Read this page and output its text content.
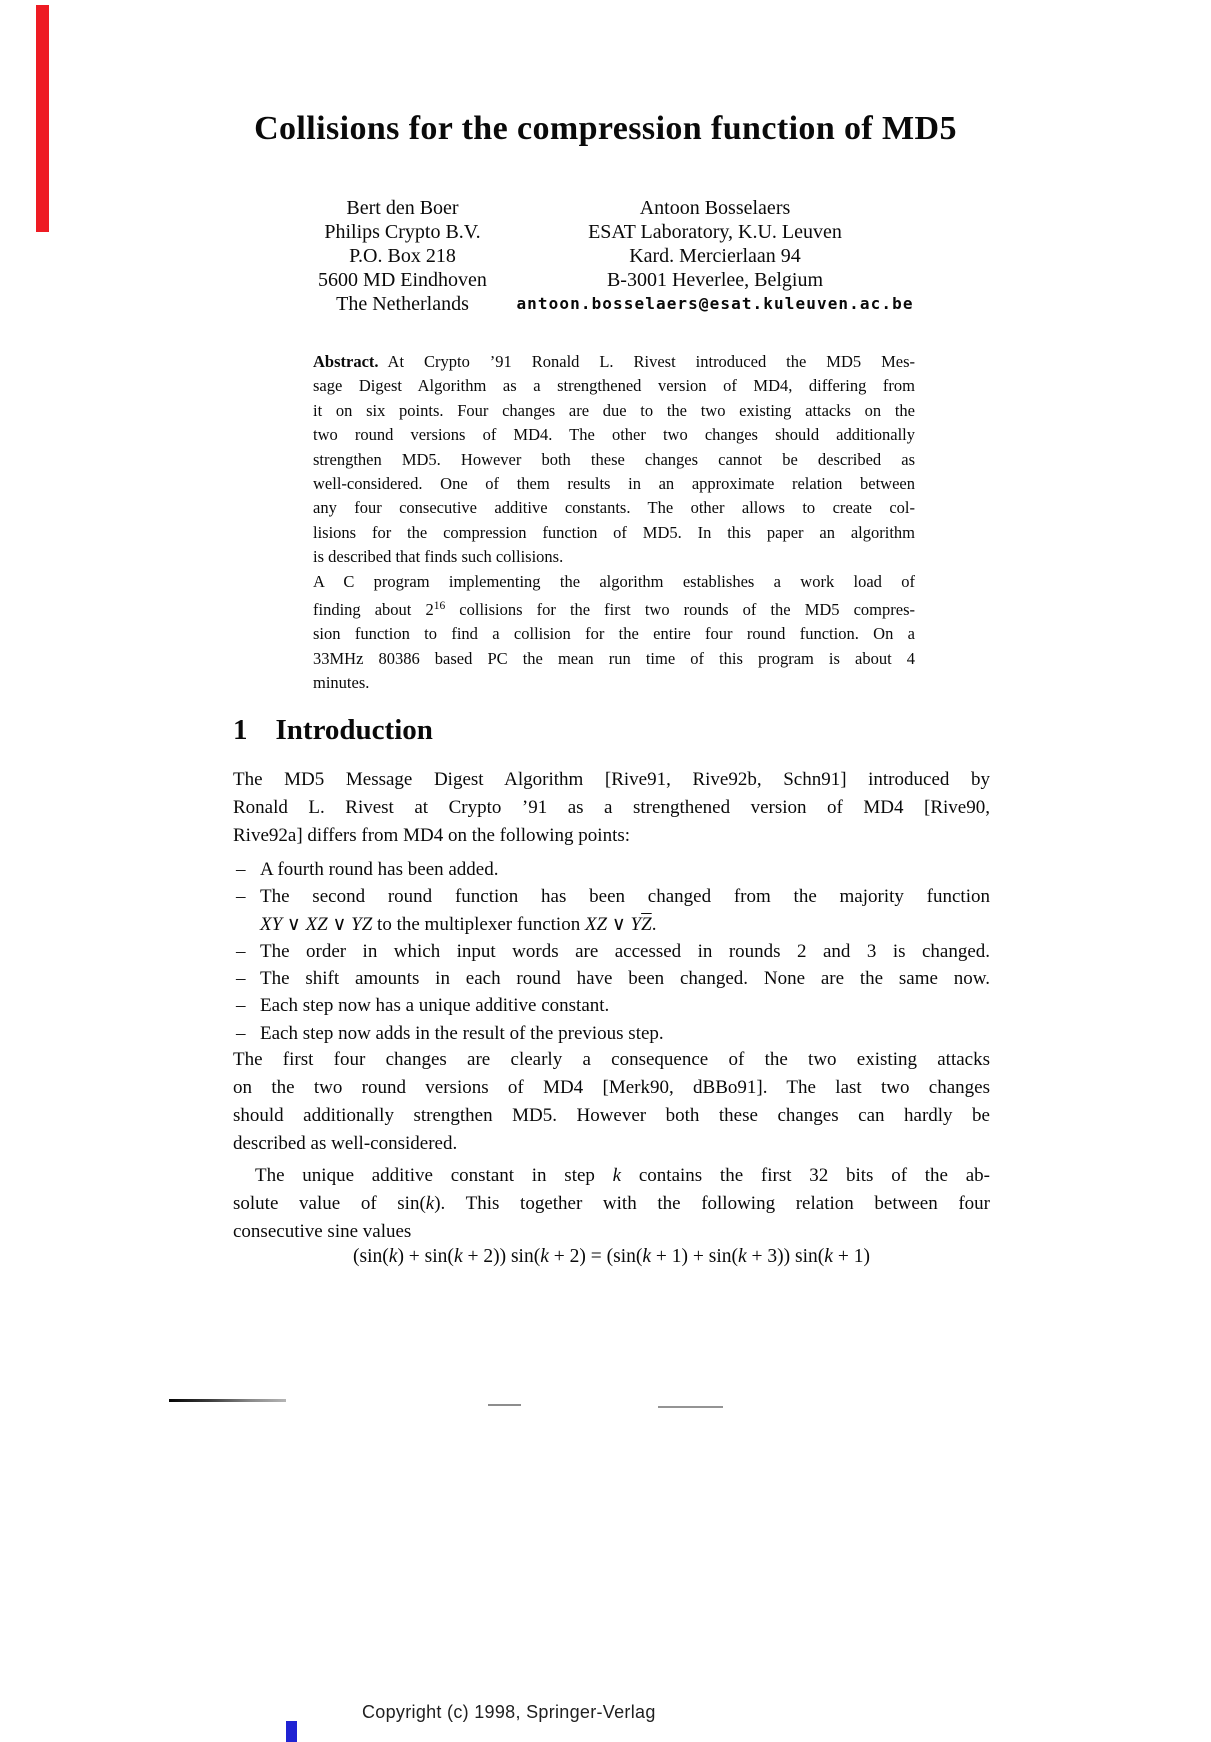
Collisions for the compression function of MD5
Bert den Boer
Philips Crypto B.V.
P.O. Box 218
5600 MD Eindhoven
The Netherlands
Antoon Bosselaers
ESAT Laboratory, K.U. Leuven
Kard. Mercierlaan 94
B-3001 Heverlee, Belgium
antoon.bosselaers@esat.kuleuven.ac.be
Abstract. At Crypto ’91 Ronald L. Rivest introduced the MD5 Mes-
sage Digest Algorithm as a strengthened version of MD4, differing from
it on six points. Four changes are due to the two existing attacks on the
two round versions of MD4. The other two changes should additionally
strengthen MD5. However both these changes cannot be described as
well-considered. One of them results in an approximate relation between
any four consecutive additive constants. The other allows to create col-
lisions for the compression function of MD5. In this paper an algorithm
is described that finds such collisions.
A C program implementing the algorithm establishes a work load of
finding about $2^{16}$ collisions for the first two rounds of the MD5 compres-
sion function to find a collision for the entire four round function. On a
33MHz 80386 based PC the mean run time of this program is about 4
minutes.
1 Introduction
The MD5 Message Digest Algorithm [Rive91, Rive92b, Schn91] introduced by
Ronald L. Rivest at Crypto ’91 as a strengthened version of MD4 [Rive90,
Rive92a] differs from MD4 on the following points:
– A fourth round has been added.
– The second round function has been changed from the majority function
XY ∨ XZ ∨ YZ to the multiplexer function XZ ∨ $Y\overline{Z}$.
– The order in which input words are accessed in rounds 2 and 3 is changed.
– The shift amounts in each round have been changed. None are the same now.
– Each step now has a unique additive constant.
– Each step now adds in the result of the previous step.
The first four changes are clearly a consequence of the two existing attacks
on the two round versions of MD4 [Merk90, dBBo91]. The last two changes
should additionally strengthen MD5. However both these changes can hardly be
described as well-considered.
The unique additive constant in step k contains the first 32 bits of the ab-
solute value of sin(k). This together with the following relation between four
consecutive sine values
(sin(k) + sin(k + 2)) sin(k + 2) = (sin(k + 1) + sin(k + 3)) sin(k + 1)
Copyright (c) 1998, Springer-Verlag
